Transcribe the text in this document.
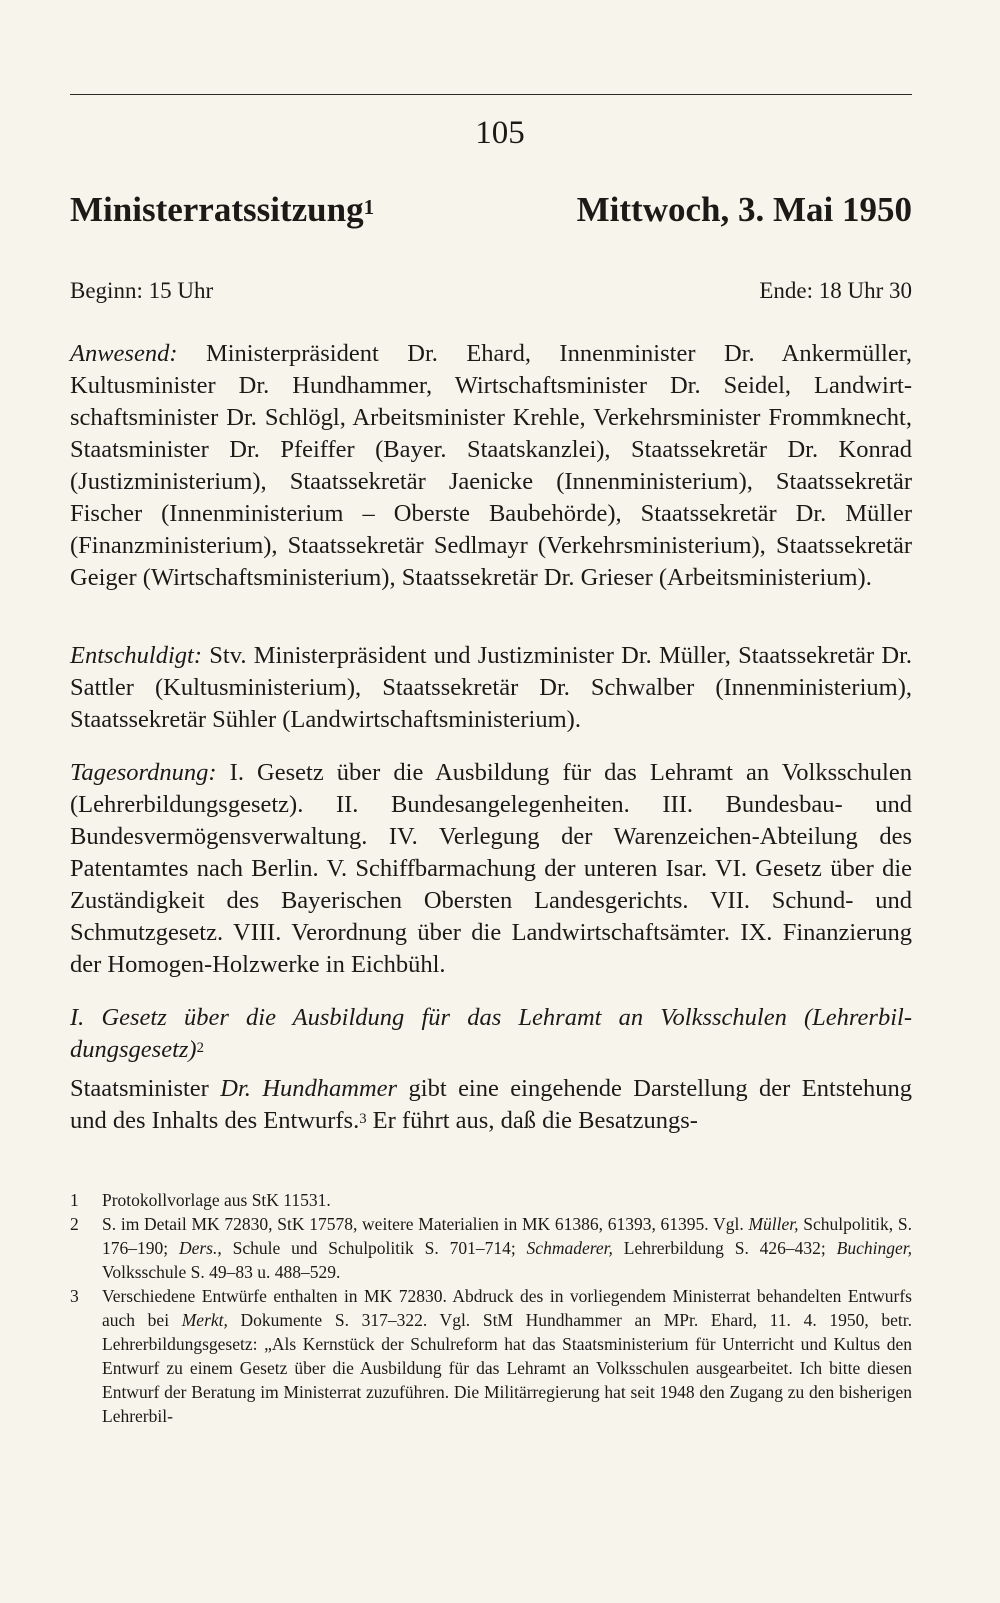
105
Ministerratssitzung$^1$	Mittwoch, 3. Mai 1950
Beginn: 15 Uhr	Ende: 18 Uhr 30

Anwesend: Ministerpräsident Dr. Ehard, Innenminister Dr. Ankermüller, Kultusminister Dr. Hundhammer, Wirtschaftsminister Dr. Seidel, Landwirtschaftsminister Dr. Schlögl, Arbeitsminister Krehle, Verkehrsminister Frommknecht, Staatsminister Dr. Pfeiffer (Bayer. Staatskanzlei), Staatssekretär Dr. Konrad (Justizministerium), Staatssekretär Jaenicke (Innenministerium), Staatssekretär Fischer (Innenministerium – Oberste Baubehörde), Staatssekretär Dr. Müller (Finanzministerium), Staatssekretär Sedlmayr (Verkehrsministerium), Staatssekretär Geiger (Wirtschaftsministerium), Staatssekretär Dr. Grieser (Arbeitsministerium).

Entschuldigt: Stv. Ministerpräsident und Justizminister Dr. Müller, Staatssekretär Dr. Sattler (Kultusministerium), Staatssekretär Dr. Schwalber (Innenministerium), Staatssekretär Sühler (Landwirtschaftsministerium).

Tagesordnung: I. Gesetz über die Ausbildung für das Lehramt an Volksschulen (Lehrerbildungsgesetz). II. Bundesangelegenheiten. III. Bundesbau- und Bundesvermögensverwaltung. IV. Verlegung der Warenzeichen-Abteilung des Patentamtes nach Berlin. V. Schiffbarmachung der unteren Isar. VI. Gesetz über die Zuständigkeit des Bayerischen Obersten Landesgerichts. VII. Schund- und Schmutzgesetz. VIII. Verordnung über die Landwirtschaftsämter. IX. Finanzierung der Homogen-Holzwerke in Eichbühl.

I. Gesetz über die Ausbildung für das Lehramt an Volksschulen (Lehrerbildungsgesetz)$^2$

Staatsminister Dr. Hundhammer gibt eine eingehende Darstellung der Entstehung und des Inhalts des Entwurfs.$^3$ Er führt aus, daß die Besatzungs-

1	Protokollvorlage aus StK 11531.

2	S. im Detail MK 72830, StK 17578, weitere Materialien in MK 61386, 61393, 61395. Vgl. Müller, Schulpolitik, S. 176–190; Ders., Schule und Schulpolitik S. 701–714; Schmaderer, Lehrerbildung S. 426–432; Buchinger, Volksschule S. 49–83 u. 488–529.

3	Verschiedene Entwürfe enthalten in MK 72830. Abdruck des in vorliegendem Ministerrat behandelten Entwurfs auch bei Merkt, Dokumente S. 317–322. Vgl. StM Hundhammer an MPr. Ehard, 11. 4. 1950, betr. Lehrerbildungsgesetz: „Als Kernstück der Schulreform hat das Staatsministerium für Unterricht und Kultus den Entwurf zu einem Gesetz über die Ausbildung für das Lehramt an Volksschulen ausgearbeitet. Ich bitte diesen Entwurf der Beratung im Ministerrat zuzuführen. Die Militärregierung hat seit 1948 den Zugang zu den bisherigen Lehrerbil-
